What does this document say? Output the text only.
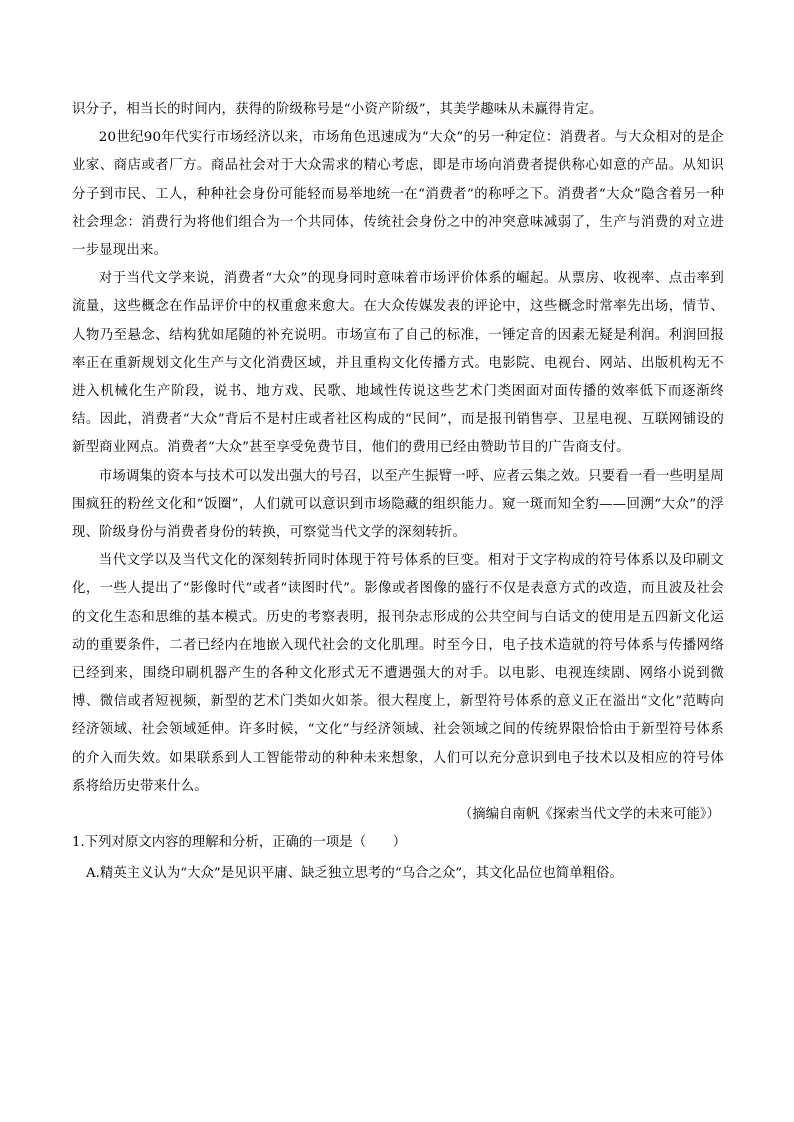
识分子，相当长的时间内，获得的阶级称号是“小资产阶级”，其美学趣味从未赢得肯定。

20世纪90年代实行市场经济以来，市场角色迅速成为“大众”的另一种定位：消费者。与大众相对的是企业家、商店或者厂方。商品社会对于大众需求的精心考虑，即是市场向消费者提供称心如意的产品。从知识分子到市民、工人，种种社会身份可能轻而易举地统一在“消费者”的称呼之下。消费者“大众”隐含着另一种社会理念：消费行为将他们组合为一个共同体，传统社会身份之中的冲突意味减弱了，生产与消费的对立进一步显现出来。

对于当代文学来说，消费者“大众”的现身同时意味着市场评价体系的崛起。从票房、收视率、点击率到流量，这些概念在作品评价中的权重愈来愈大。在大众传媒发表的评论中，这些概念时常率先出场，情节、人物乃至悬念、结构犹如尾随的补充说明。市场宣布了自己的标准，一锤定音的因素无疑是利润。利润回报率正在重新规划文化生产与文化消费区域，并且重构文化传播方式。电影院、电视台、网站、出版机构无不进入机械化生产阶段，说书、地方戏、民歌、地域性传说这些艺术门类困面对面传播的效率低下而逐渐终结。因此，消费者“大众”背后不是村庄或者社区构成的“民间”，而是报刊销售亭、卫星电视、互联网铺设的新型商业网点。消费者“大众”甚至享受免费节目，他们的费用已经由赞助节目的广告商支付。

市场调集的资本与技术可以发出强大的号召，以至产生振臂一呼、应者云集之效。只要看一看一些明星周围疯狂的粉丝文化和“饭圈”，人们就可以意识到市场隐藏的组织能力。窥一斑而知全豹——回溯“大众”的浮现、阶级身份与消费者身份的转换，可察觉当代文学的深刻转折。

当代文学以及当代文化的深刻转折同时体现于符号体系的巨变。相对于文字构成的符号体系以及印刷文化，一些人提出了“影像时代”或者“读图时代”。影像或者图像的盛行不仅是表意方式的改造，而且波及社会的文化生态和思维的基本模式。历史的考察表明，报刊杂志形成的公共空间与白话文的使用是五四新文化运动的重要条件，二者已经内在地嵌入现代社会的文化肌理。时至今日，电子技术造就的符号体系与传播网络已经到来，围绕印刷机器产生的各种文化形式无不遭遇强大的对手。以电影、电视连续剧、网络小说到微博、微信或者短视频，新型的艺术门类如火如荼。很大程度上，新型符号体系的意义正在溢出“文化”范畴向经济领域、社会领域延伸。许多时候，“文化”与经济领域、社会领域之间的传统界限恰恰由于新型符号体系的介入而失效。如果联系到人工智能带动的种种未来想象，人们可以充分意识到电子技术以及相应的符号体系将给历史带来什么。

（摘编自南帆《探索当代文学的未来可能》）

1.下列对原文内容的理解和分析，正确的一项是（　　）

A.精英主义认为“大众”是见识平庸、缺乏独立思考的“乌合之众”，其文化品位也简单粗俗。
